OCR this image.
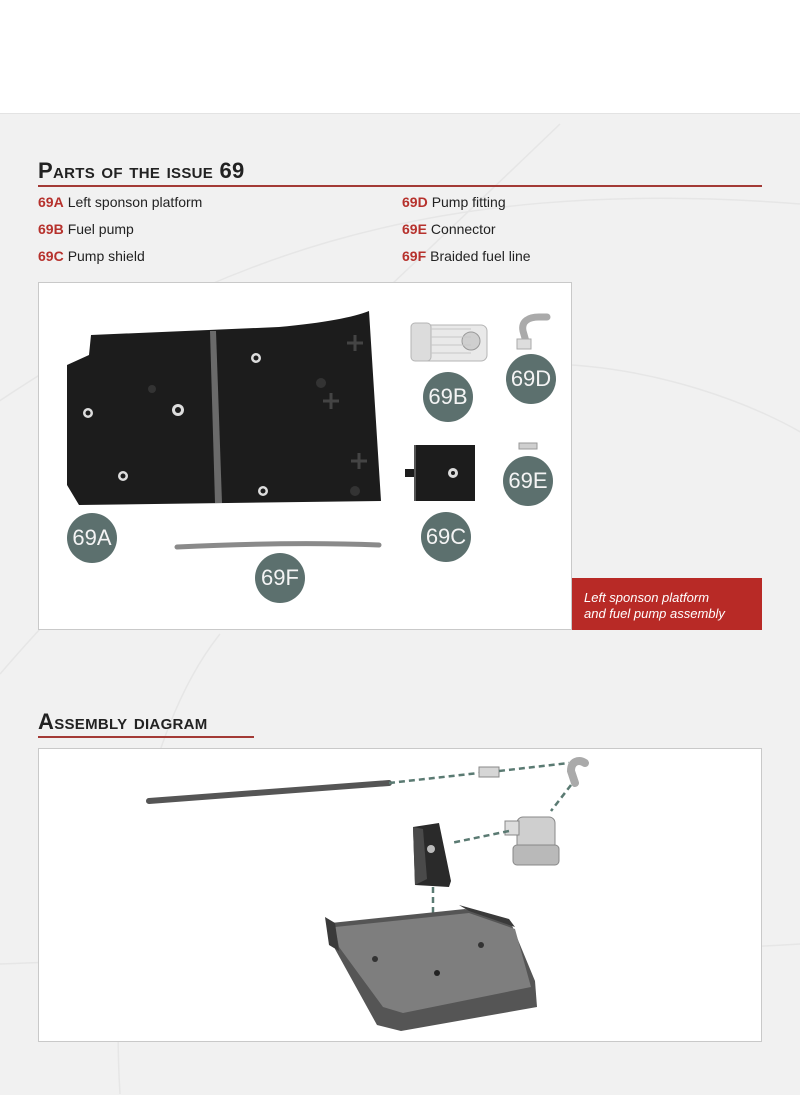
Parts of the issue 69
69A Left sponson platform
69B Fuel pump
69C Pump shield
69D Pump fitting
69E Connector
69F Braided fuel line
69A
69B
69C
69D
69E
69F
Left sponson platform
and fuel pump assembly
Assembly diagram
